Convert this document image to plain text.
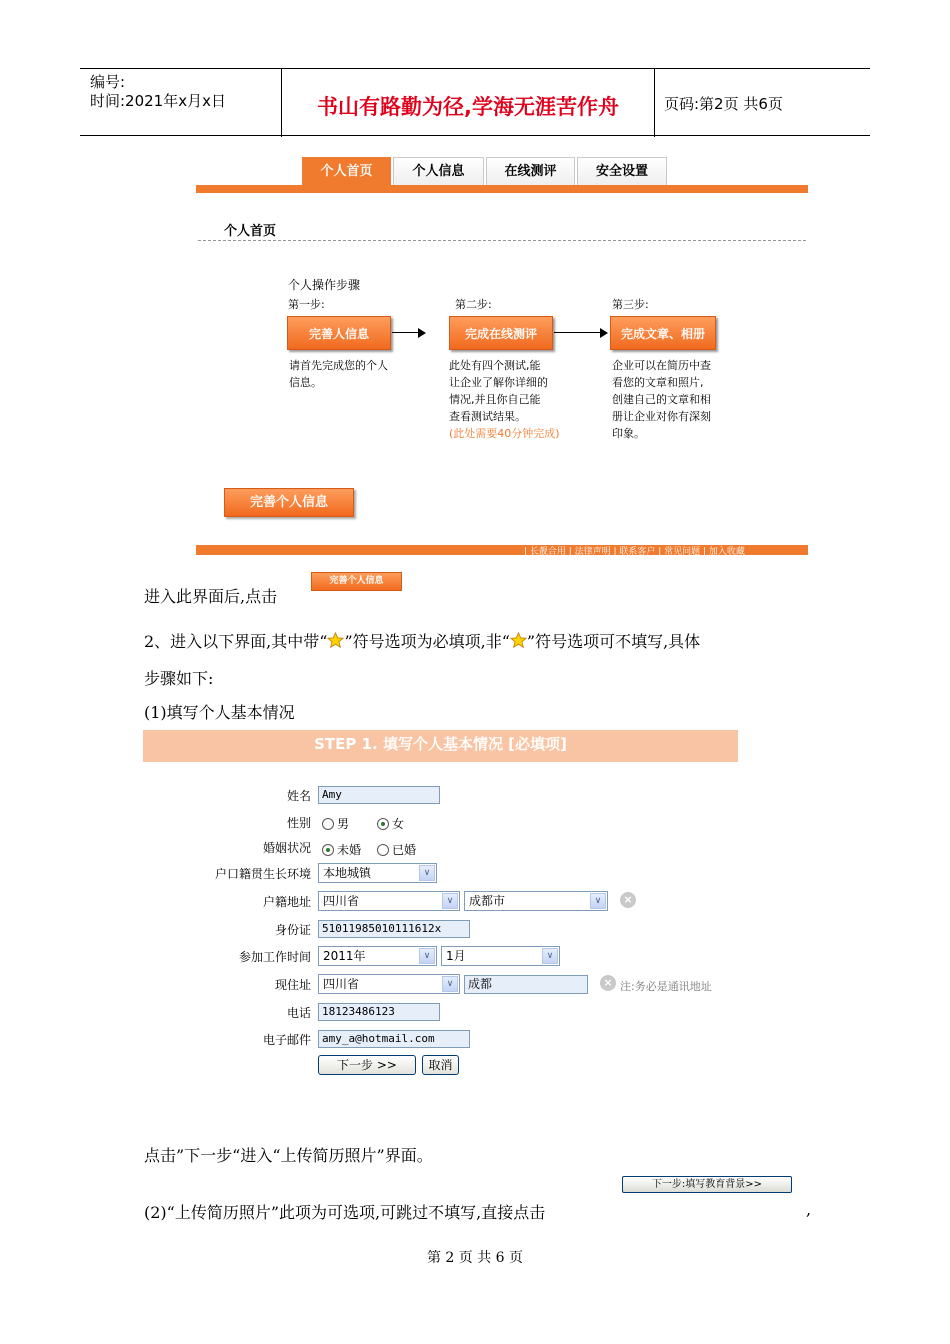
编号:
时间:2021年x月x日	书山有路勤为径,学海无涯苦作舟	页码:第2页 共6页
个人首页	个人信息	在线测评	安全设置
个人首页
个人操作步骤
第一步:	第二步:	第三步:
完善人信息	完成在线测评	完成文章、相册
请首先完成您的个人
信息。
此处有四个测试,能
让企业了解你详细的
情况,并且你自己能
查看测试结果。
(此处需要40分钟完成)
企业可以在简历中查
看您的文章和照片,
创建自己的文章和相
册让企业对你有深刻
印象。
完善个人信息
| 长靓合用 | 法律声明 | 联系客户 | 常见问题 | 加入收藏
进入此界面后,点击
完善个人信息
2、进入以下界面,其中带“ ”符号选项为必填项,非“ ”符号选项可不填写,具体
步骤如下:
(1)填写个人基本情况
STEP 1. 填写个人基本情况 [必填项]
姓名	Amy
性别	男	女
婚姻状况	未婚	已婚
户口籍贯生长环境	本地城镇	∨
户籍地址	四川省	∨	成都市	∨	×
身份证	51011985010111612x
参加工作时间	2011年	∨	1月	∨
现住址	四川省	∨	成都	× 注:务必是通讯地址
电话	18123486123
电子邮件	amy_a@hotmail.com
下一步 >>	取消
点击”下一步“进入“上传简历照片”界面。
下一步:填写教育背景>>
(2)“上传简历照片”此项为可选项,可跳过不填写,直接点击	,
第 2 页 共 6 页
